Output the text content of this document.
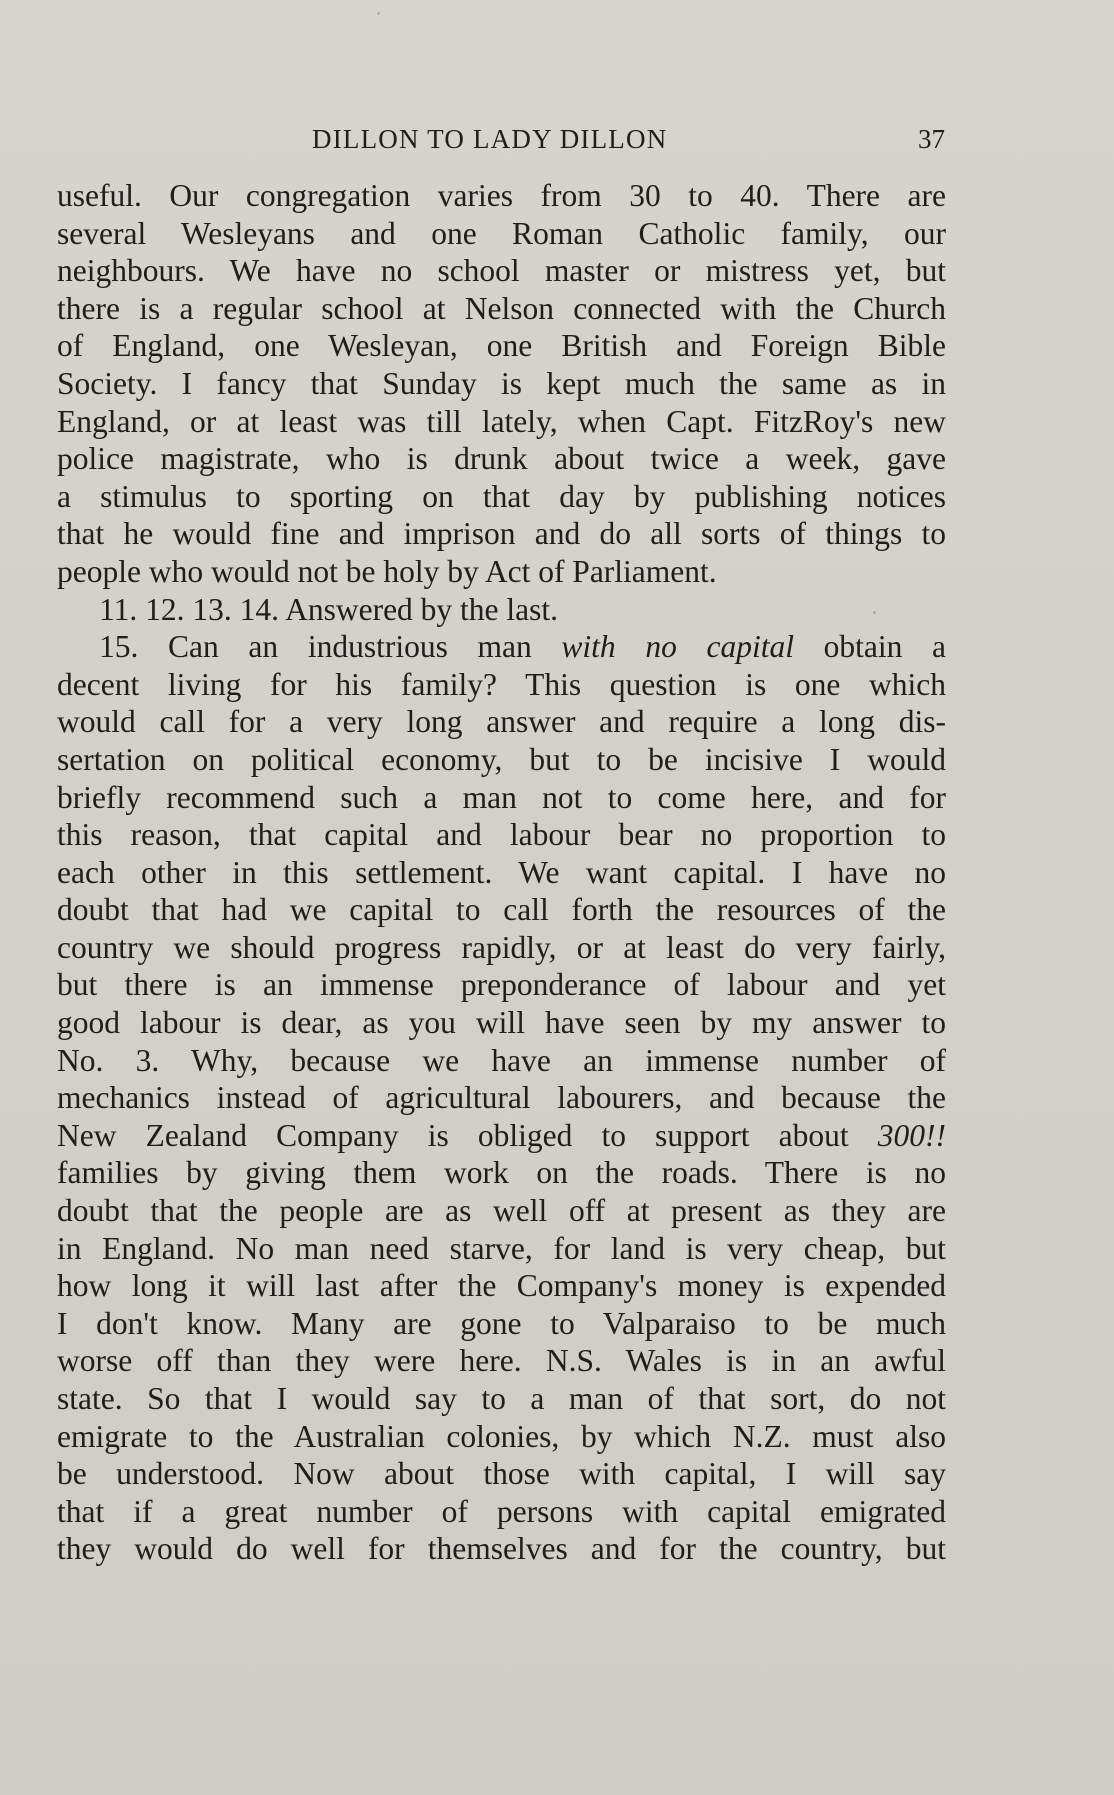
DILLON TO LADY DILLON	37
useful. Our congregation varies from 30 to 40. There are
several Wesleyans and one Roman Catholic family, our
neighbours. We have no school master or mistress yet, but
there is a regular school at Nelson connected with the Church
of England, one Wesleyan, one British and Foreign Bible
Society. I fancy that Sunday is kept much the same as in
England, or at least was till lately, when Capt. FitzRoy's new
police magistrate, who is drunk about twice a week, gave
a stimulus to sporting on that day by publishing notices
that he would fine and imprison and do all sorts of things to
people who would not be holy by Act of Parliament.
11. 12. 13. 14. Answered by the last.
15. Can an industrious man with no capital obtain a
decent living for his family? This question is one which
would call for a very long answer and require a long dis-
sertation on political economy, but to be incisive I would
briefly recommend such a man not to come here, and for
this reason, that capital and labour bear no proportion to
each other in this settlement. We want capital. I have no
doubt that had we capital to call forth the resources of the
country we should progress rapidly, or at least do very fairly,
but there is an immense preponderance of labour and yet
good labour is dear, as you will have seen by my answer to
No. 3. Why, because we have an immense number of
mechanics instead of agricultural labourers, and because the
New Zealand Company is obliged to support about 300!!
families by giving them work on the roads. There is no
doubt that the people are as well off at present as they are
in England. No man need starve, for land is very cheap, but
how long it will last after the Company's money is expended
I don't know. Many are gone to Valparaiso to be much
worse off than they were here. N.S. Wales is in an awful
state. So that I would say to a man of that sort, do not
emigrate to the Australian colonies, by which N.Z. must also
be understood. Now about those with capital, I will say
that if a great number of persons with capital emigrated
they would do well for themselves and for the country, but
